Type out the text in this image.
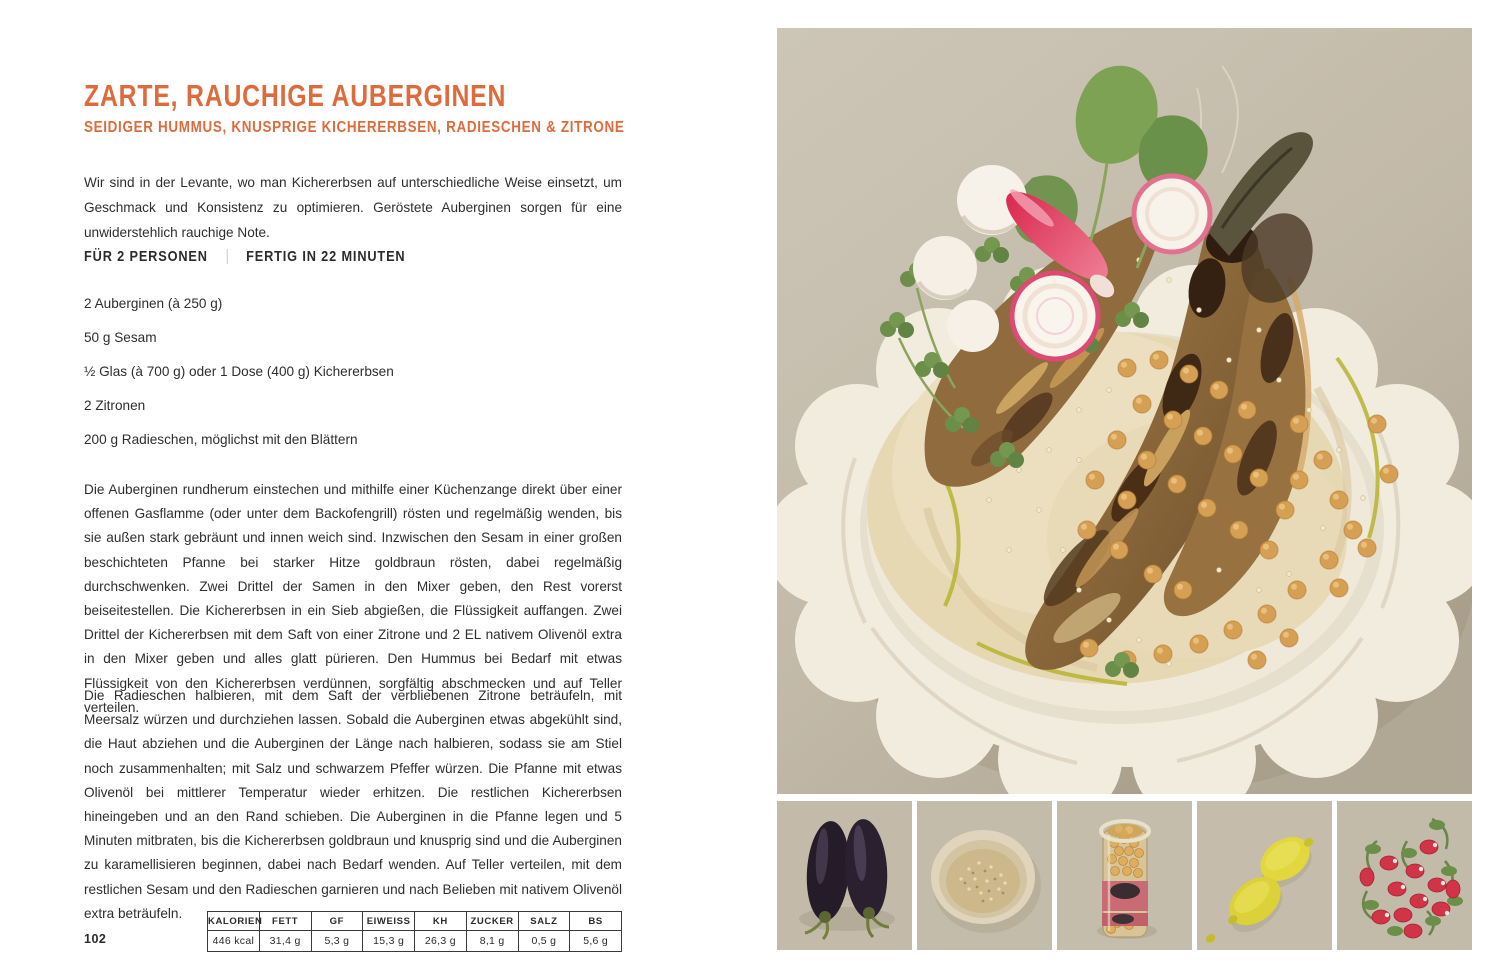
ZARTE, RAUCHIGE AUBERGINEN
SEIDIGER HUMMUS, KNUSPRIGE KICHERERBSEN, RADIESCHEN & ZITRONE

Wir sind in der Levante, wo man Kichererbsen auf unterschiedliche Weise einsetzt, um Geschmack und Konsistenz zu optimieren. Geröstete Auberginen sorgen für eine unwiderstehlich rauchige Note.

FÜR 2 PERSONEN	FERTIG IN 22 MINUTEN
2 Auberginen (à 250 g)
50 g Sesam
½ Glas (à 700 g) oder 1 Dose (400 g) Kichererbsen
2 Zitronen
200 g Radieschen, möglichst mit den Blättern

Die Auberginen rundherum einstechen und mithilfe einer Küchenzange direkt über einer offenen Gasflamme (oder unter dem Backofengrill) rösten und regelmäßig wenden, bis sie außen stark gebräunt und innen weich sind. Inzwischen den Sesam in einer großen beschichteten Pfanne bei starker Hitze goldbraun rösten, dabei regelmäßig durchschwenken. Zwei Drittel der Samen in den Mixer geben, den Rest vorerst beiseitestellen. Die Kichererbsen in ein Sieb abgießen, die Flüssigkeit auffangen. Zwei Drittel der Kichererbsen mit dem Saft von einer Zitrone und 2 EL nativem Olivenöl extra in den Mixer geben und alles glatt pürieren. Den Hummus bei Bedarf mit etwas Flüssigkeit von den Kichererbsen verdünnen, sorgfältig abschmecken und auf Teller verteilen.

Die Radieschen halbieren, mit dem Saft der verbliebenen Zitrone beträufeln, mit Meersalz würzen und durchziehen lassen. Sobald die Auberginen etwas abgekühlt sind, die Haut abziehen und die Auberginen der Länge nach halbieren, sodass sie am Stiel noch zusammenhalten; mit Salz und schwarzem Pfeffer würzen. Die Pfanne mit etwas Olivenöl bei mittlerer Temperatur wieder erhitzen. Die restlichen Kichererbsen hineingeben und an den Rand schieben. Die Auberginen in die Pfanne legen und 5 Minuten mitbraten, bis die Kichererbsen goldbraun und knusprig sind und die Auberginen zu karamellisieren beginnen, dabei nach Bedarf wenden. Auf Teller verteilen, mit dem restlichen Sesam und den Radieschen garnieren und nach Belieben mit nativem Olivenöl extra beträufeln.

KALORIEN	FETT	GF	EIWEISS	KH	ZUCKER	SALZ	BS
446 kcal	31,4 g	5,3 g	15,3 g	26,3 g	8,1 g	0,5 g	5,6 g
102
